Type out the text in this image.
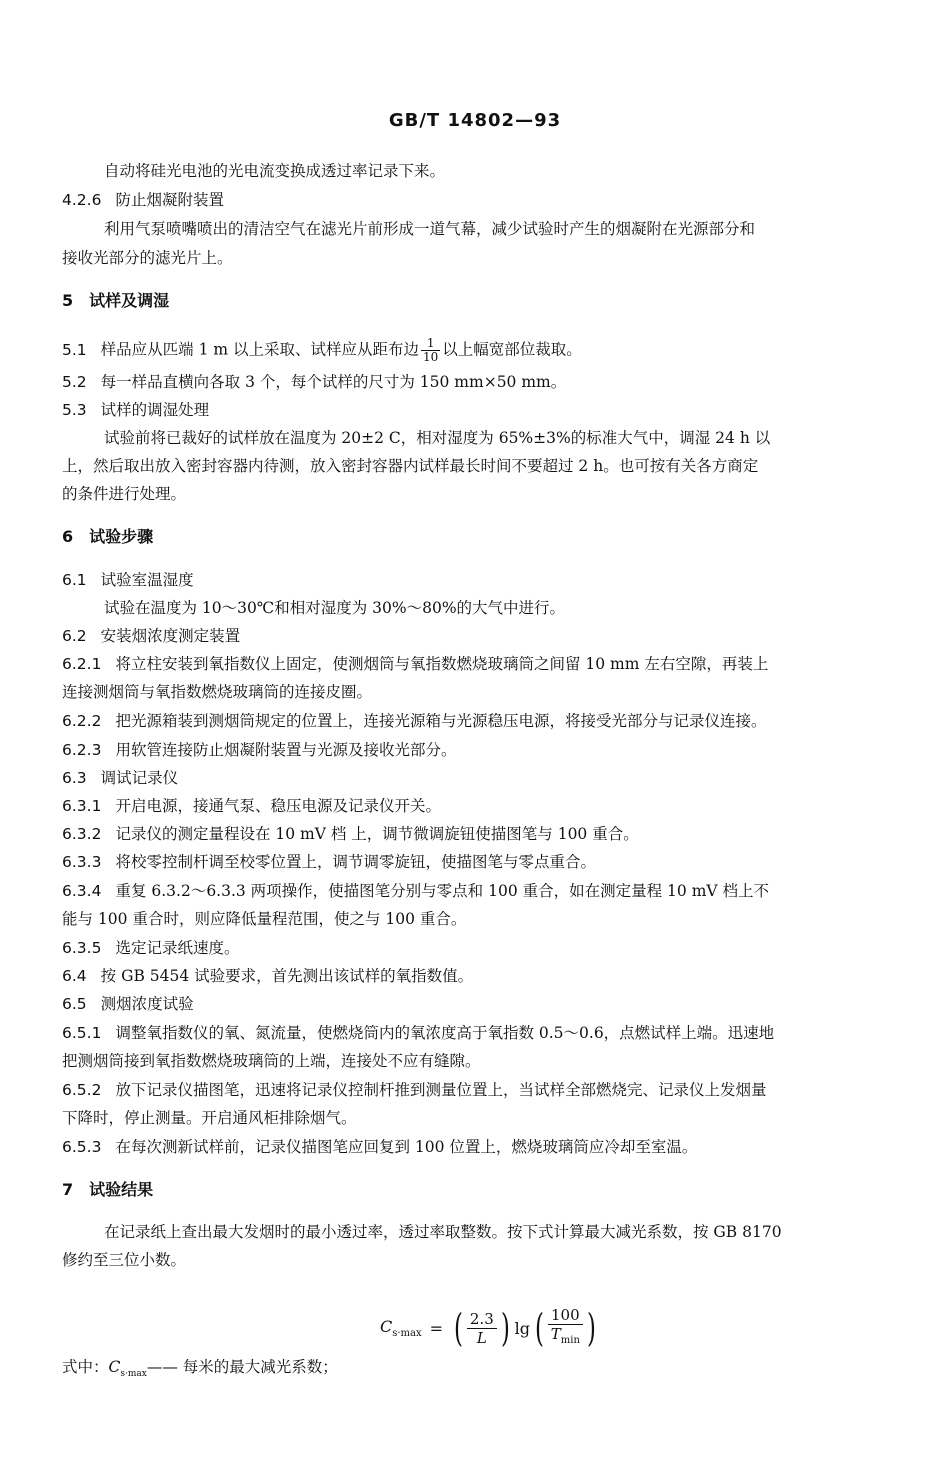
GB/T 14802—93
自动将硅光电池的光电流变换成透过率记录下来。
4.2.6 防止烟凝附装置
利用气泵喷嘴喷出的清洁空气在滤光片前形成一道气幕，减少试验时产生的烟凝附在光源部分和
接收光部分的滤光片上。
5 试样及调湿
5.1 样品应从匹端 1 m 以上采取、试样应从距布边 $\frac{1}{10}$ 以上幅宽部位裁取。
5.2 每一样品直横向各取 3 个，每个试样的尺寸为 150 mm×50 mm。
5.3 试样的调湿处理
试验前将已裁好的试样放在温度为 20±2 C，相对湿度为 65%±3%的标准大气中，调湿 24 h 以
上，然后取出放入密封容器内待测，放入密封容器内试样最长时间不要超过 2 h。也可按有关各方商定
的条件进行处理。
6 试验步骤
6.1 试验室温湿度
试验在温度为 10～30℃和相对湿度为 30%～80%的大气中进行。
6.2 安装烟浓度测定装置
6.2.1 将立柱安装到氧指数仪上固定，使测烟筒与氧指数燃烧玻璃筒之间留 10 mm 左右空隙，再装上
连接测烟筒与氧指数燃烧玻璃筒的连接皮圈。
6.2.2 把光源箱装到测烟筒规定的位置上，连接光源箱与光源稳压电源，将接受光部分与记录仪连接。
6.2.3 用软管连接防止烟凝附装置与光源及接收光部分。
6.3 调试记录仪
6.3.1 开启电源，接通气泵、稳压电源及记录仪开关。
6.3.2 记录仪的测定量程设在 10 mV 档 上，调节微调旋钮使描图笔与 100 重合。
6.3.3 将校零控制杆调至校零位置上，调节调零旋钮，使描图笔与零点重合。
6.3.4 重复 6.3.2～6.3.3 两项操作，使描图笔分别与零点和 100 重合，如在测定量程 10 mV 档上不
能与 100 重合时，则应降低量程范围，使之与 100 重合。
6.3.5 选定记录纸速度。
6.4 按 GB 5454 试验要求，首先测出该试样的氧指数值。
6.5 测烟浓度试验
6.5.1 调整氧指数仪的氧、氮流量，使燃烧筒内的氧浓度高于氧指数 0.5～0.6，点燃试样上端。迅速地
把测烟筒接到氧指数燃烧玻璃筒的上端，连接处不应有缝隙。
6.5.2 放下记录仪描图笔，迅速将记录仪控制杆推到测量位置上，当试样全部燃烧完、记录仪上发烟量
下降时，停止测量。开启通风柜排除烟气。
6.5.3 在每次测新试样前，记录仪描图笔应回复到 100 位置上，燃烧玻璃筒应冷却至室温。
7 试验结果
在记录纸上查出最大发烟时的最小透过率，透过率取整数。按下式计算最大减光系数，按 GB 8170
修约至三位小数。
$C_{s\cdot max}$ = ( 2.3
L ) lg ( 100
$T_{min}$ )
式中：$C_{s\cdot max}——$ 每米的最大减光系数；
